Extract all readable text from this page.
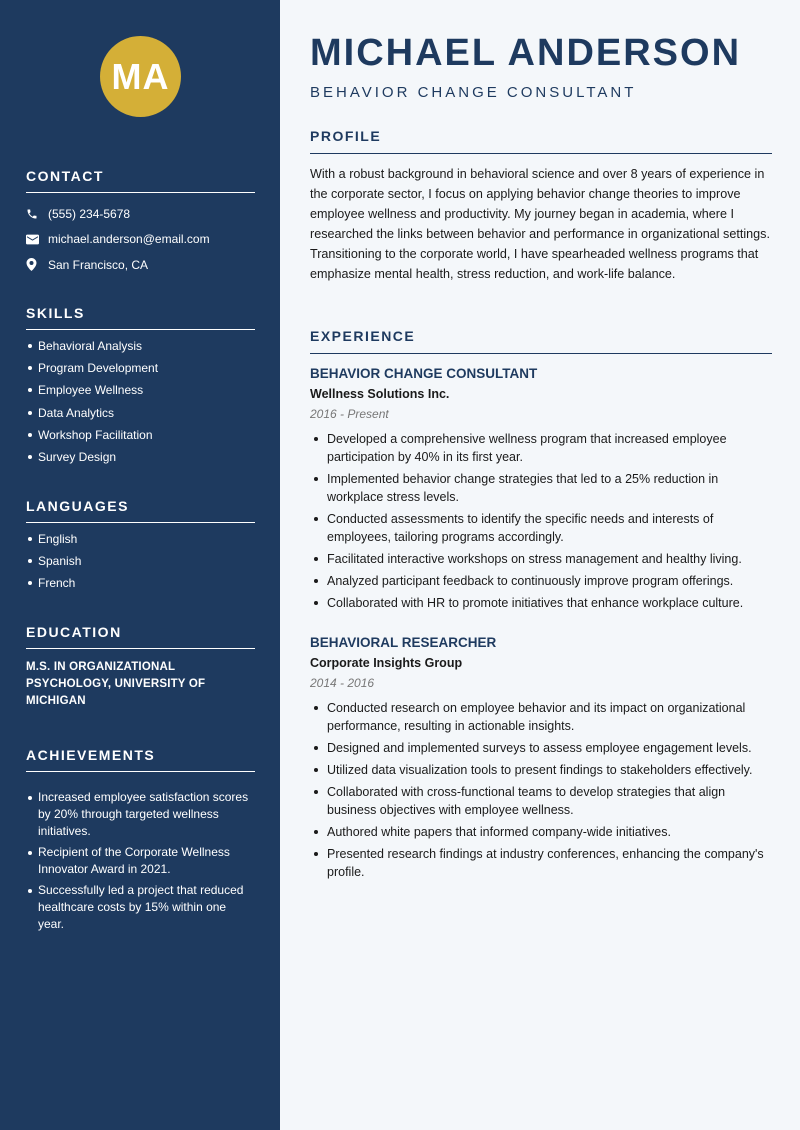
MA
CONTACT
(555) 234-5678
michael.anderson@email.com
San Francisco, CA
SKILLS
Behavioral Analysis
Program Development
Employee Wellness
Data Analytics
Workshop Facilitation
Survey Design
LANGUAGES
English
Spanish
French
EDUCATION
M.S. IN ORGANIZATIONAL PSYCHOLOGY, UNIVERSITY OF MICHIGAN
ACHIEVEMENTS
Increased employee satisfaction scores by 20% through targeted wellness initiatives.
Recipient of the Corporate Wellness Innovator Award in 2021.
Successfully led a project that reduced healthcare costs by 15% within one year.
MICHAEL ANDERSON
BEHAVIOR CHANGE CONSULTANT
PROFILE
With a robust background in behavioral science and over 8 years of experience in the corporate sector, I focus on applying behavior change theories to improve employee wellness and productivity. My journey began in academia, where I researched the links between behavior and performance in organizational settings. Transitioning to the corporate world, I have spearheaded wellness programs that emphasize mental health, stress reduction, and work-life balance.
EXPERIENCE
BEHAVIOR CHANGE CONSULTANT
Wellness Solutions Inc.
2016 - Present
Developed a comprehensive wellness program that increased employee participation by 40% in its first year.
Implemented behavior change strategies that led to a 25% reduction in workplace stress levels.
Conducted assessments to identify the specific needs and interests of employees, tailoring programs accordingly.
Facilitated interactive workshops on stress management and healthy living.
Analyzed participant feedback to continuously improve program offerings.
Collaborated with HR to promote initiatives that enhance workplace culture.
BEHAVIORAL RESEARCHER
Corporate Insights Group
2014 - 2016
Conducted research on employee behavior and its impact on organizational performance, resulting in actionable insights.
Designed and implemented surveys to assess employee engagement levels.
Utilized data visualization tools to present findings to stakeholders effectively.
Collaborated with cross-functional teams to develop strategies that align business objectives with employee wellness.
Authored white papers that informed company-wide initiatives.
Presented research findings at industry conferences, enhancing the company's profile.
